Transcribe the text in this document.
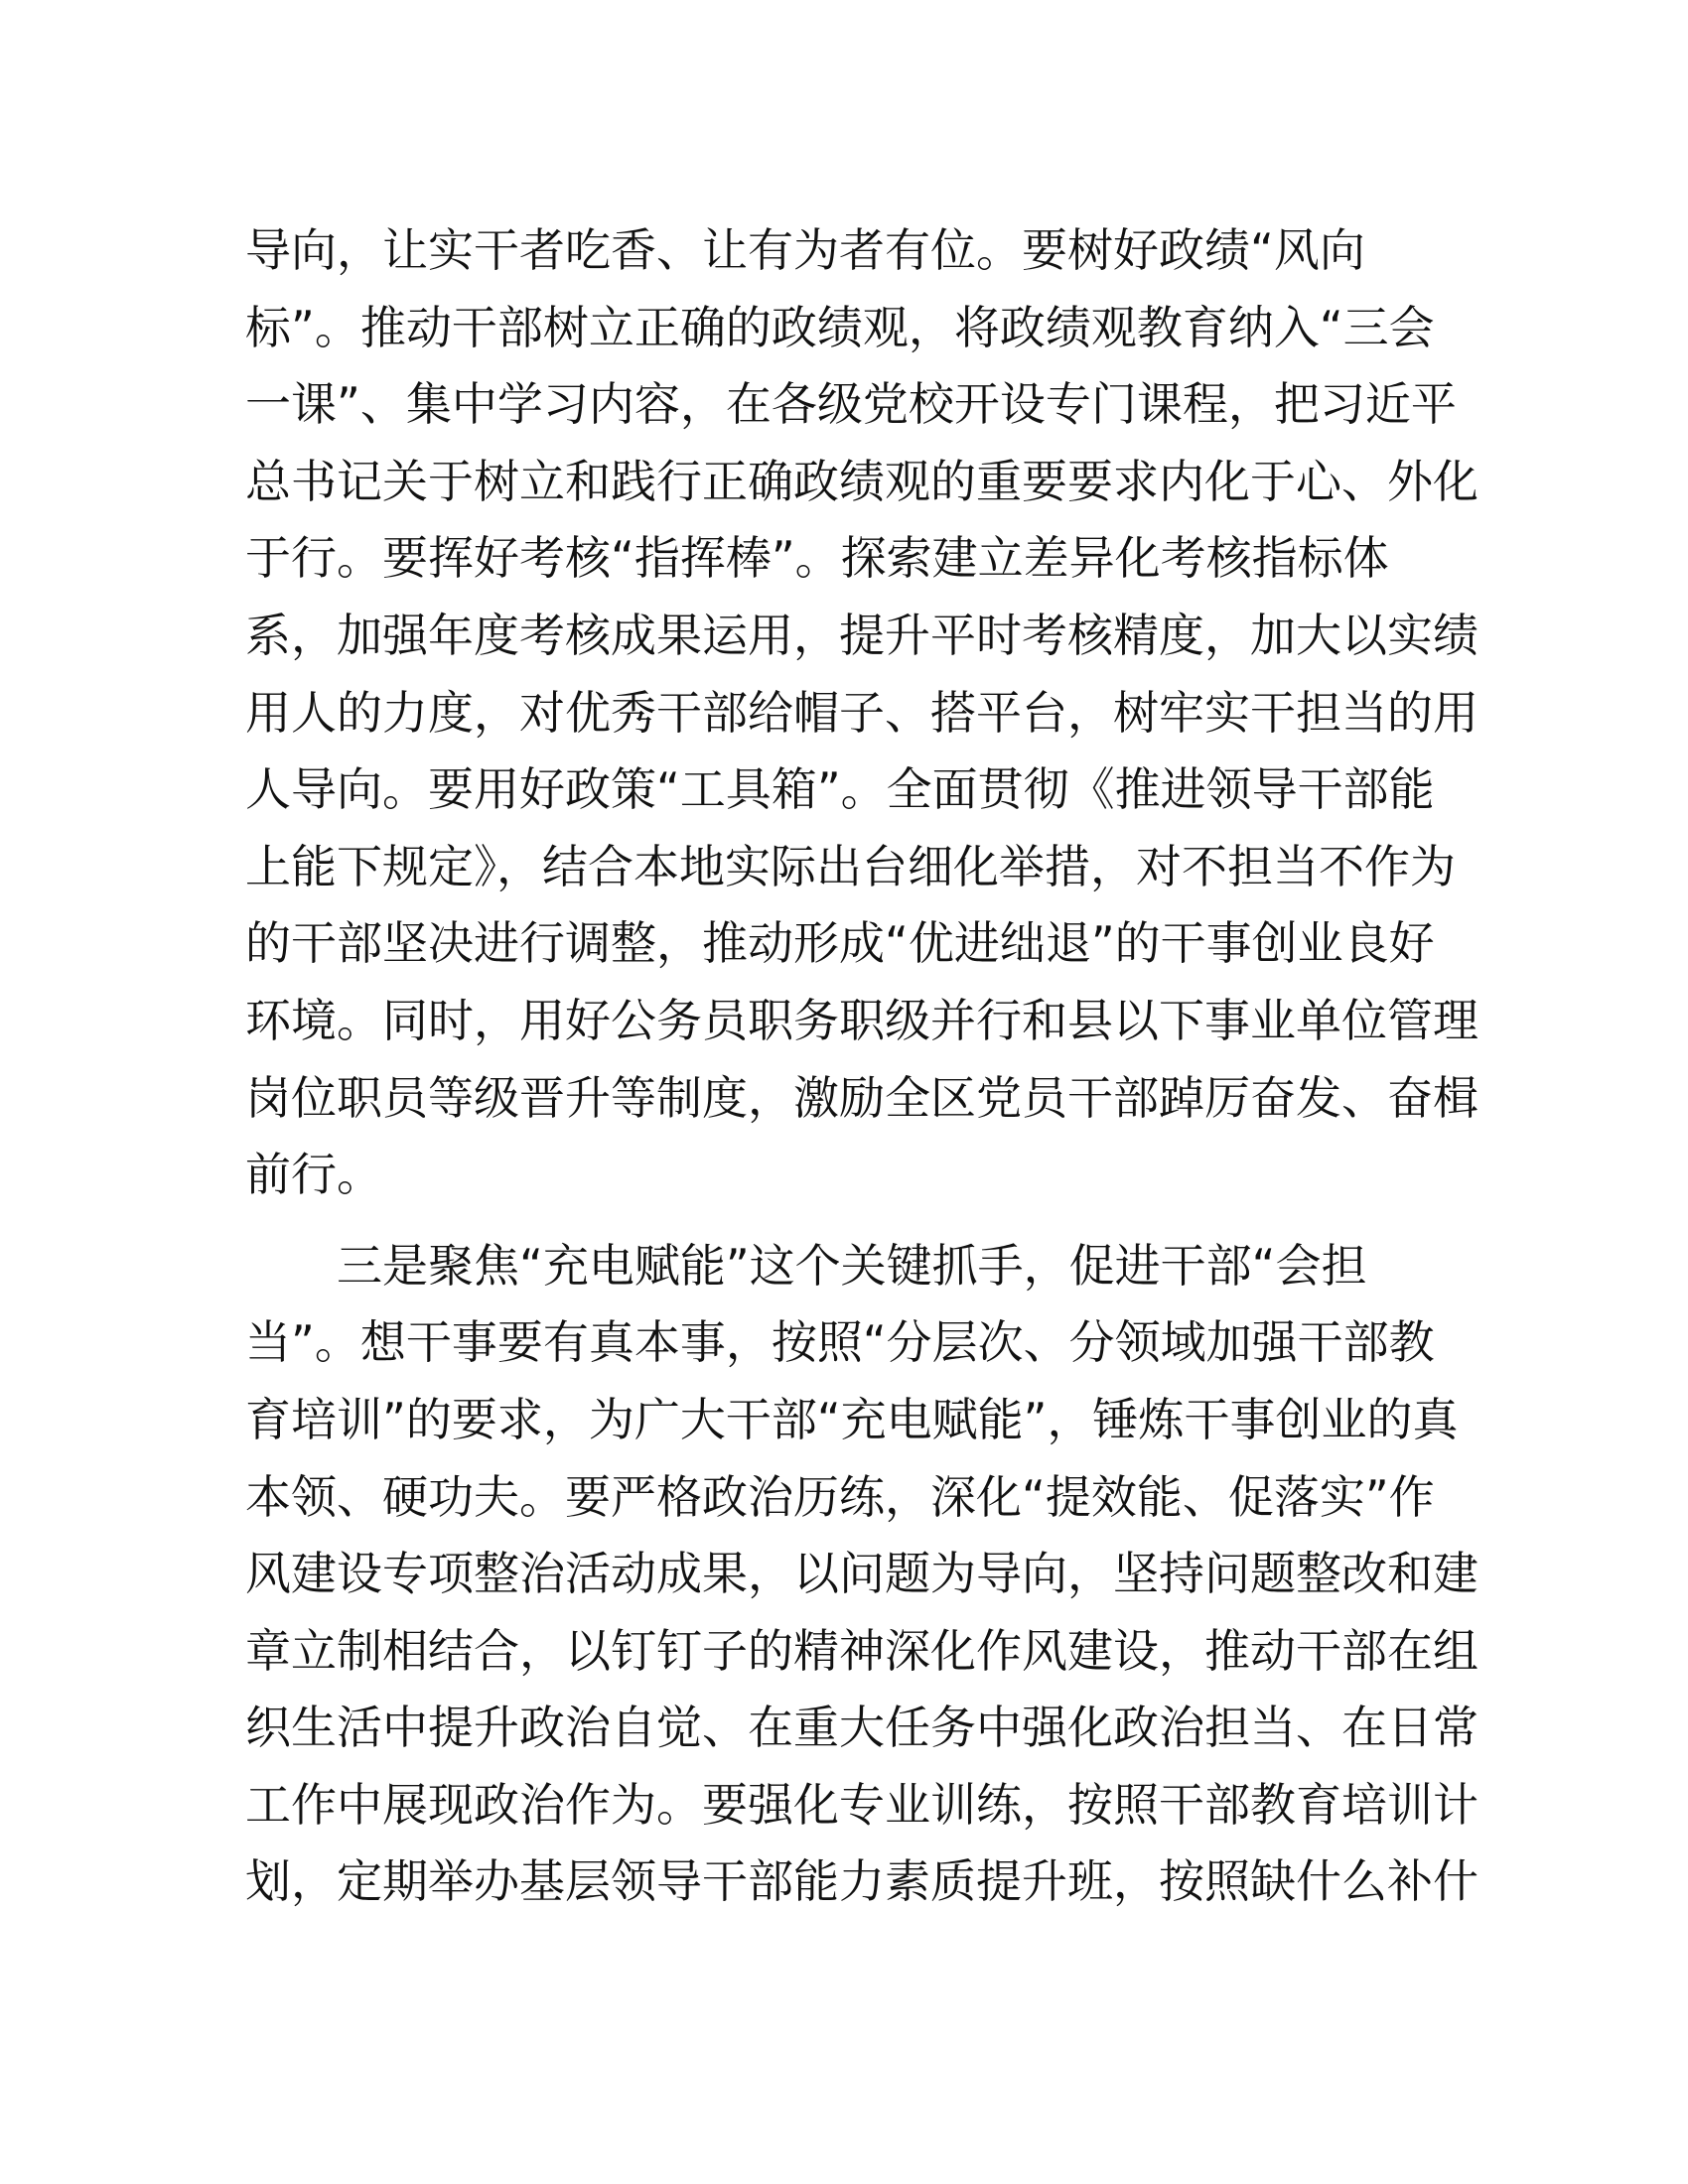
导向，让实干者吃香、让有为者有位。要树好政绩“风向
标”。推动干部树立正确的政绩观，将政绩观教育纳入“三会
一课”、集中学习内容，在各级党校开设专门课程，把习近平
总书记关于树立和践行正确政绩观的重要要求内化于心、外化
于行。要挥好考核“指挥棒”。探索建立差异化考核指标体
系，加强年度考核成果运用，提升平时考核精度，加大以实绩
用人的力度，对优秀干部给帽子、搭平台，树牢实干担当的用
人导向。要用好政策“工具箱”。全面贯彻《推进领导干部能
上能下规定》，结合本地实际出台细化举措，对不担当不作为
的干部坚决进行调整，推动形成“优进绌退”的干事创业良好
环境。同时，用好公务员职务职级并行和县以下事业单位管理
岗位职员等级晋升等制度，激励全区党员干部踔厉奋发、奋楫
前行。
三是聚焦“充电赋能”这个关键抓手，促进干部“会担
当”。想干事要有真本事，按照“分层次、分领域加强干部教
育培训”的要求，为广大干部“充电赋能”，锤炼干事创业的真
本领、硬功夫。要严格政治历练，深化“提效能、促落实”作
风建设专项整治活动成果，以问题为导向，坚持问题整改和建
章立制相结合，以钉钉子的精神深化作风建设，推动干部在组
织生活中提升政治自觉、在重大任务中强化政治担当、在日常
工作中展现政治作为。要强化专业训练，按照干部教育培训计
划，定期举办基层领导干部能力素质提升班，按照缺什么补什
